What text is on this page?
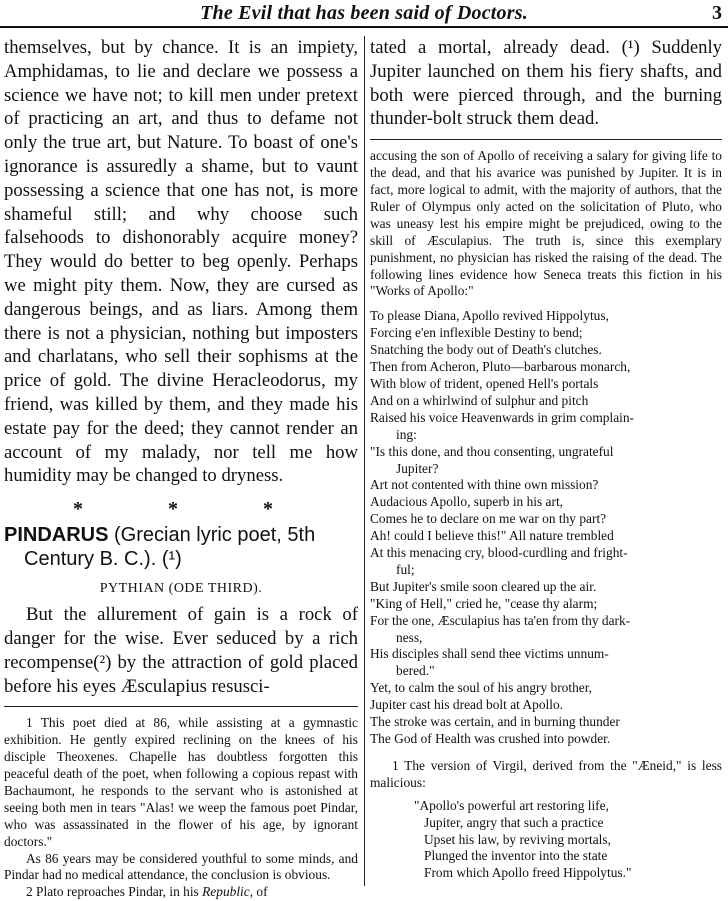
The Evil that has been said of Doctors.	3

themselves, but by chance. It is an impiety, Amphidamas, to lie and declare we possess a science we have not; to kill men under pretext of practicing an art, and thus to defame not only the true art, but Nature. To boast of one's ignorance is assuredly a shame, but to vaunt possessing a science that one has not, is more shameful still; and why choose such falsehoods to dishonorably acquire money? They would do better to beg openly. Perhaps we might pity them. Now, they are cursed as dangerous beings, and as liars. Among them there is not a physician, nothing but imposters and charlatans, who sell their sophisms at the price of gold. The divine Heracleodorus, my friend, was killed by them, and they made his estate pay for the deed; they cannot render an account of my malady, nor tell me how humidity may be changed to dryness.

* * *
PINDARUS (Grecian lyric poet, 5th
Century B. C.). (¹)
PYTHIAN (ODE THIRD).

But the allurement of gain is a rock of danger for the wise. Ever seduced by a rich recompense(²) by the attraction of gold placed before his eyes Æsculapius resusci-

1 This poet died at 86, while assisting at a gymnastic exhibition. He gently expired reclining on the knees of his disciple Theoxenes. Chapelle has doubtless forgotten this peaceful death of the poet, when following a copious repast with Bachaumont, he responds to the servant who is astonished at seeing both men in tears "Alas! we weep the famous poet Pindar, who was assassinated in the flower of his age, by ignorant doctors."

As 86 years may be considered youthful to some minds, and Pindar had no medical attendance, the conclusion is obvious.

2 Plato reproaches Pindar, in his Republic, of

tated a mortal, already dead. (¹) Suddenly Jupiter launched on them his fiery shafts, and both were pierced through, and the burning thunder-bolt struck them dead.

accusing the son of Apollo of receiving a salary for giving life to the dead, and that his avarice was punished by Jupiter. It is in fact, more logical to admit, with the majority of authors, that the Ruler of Olympus only acted on the solicitation of Pluto, who was uneasy lest his empire might be prejudiced, owing to the skill of Æsculapius. The truth is, since this exemplary punishment, no physician has risked the raising of the dead. The following lines evidence how Seneca treats this fiction in his "Works of Apollo:"

To please Diana, Apollo revived Hippolytus,
Forcing e'en inflexible Destiny to bend;
Snatching the body out of Death's clutches.
Then from Acheron, Pluto—barbarous monarch,
With blow of trident, opened Hell's portals
And on a whirlwind of sulphur and pitch
Raised his voice Heavenwards in grim complain-
ing:
"Is this done, and thou consenting, ungrateful
Jupiter?
Art not contented with thine own mission?
Audacious Apollo, superb in his art,
Comes he to declare on me war on thy part?
Ah! could I believe this!" All nature trembled
At this menacing cry, blood-curdling and fright-
ful;
But Jupiter's smile soon cleared up the air.
"King of Hell," cried he, "cease thy alarm;
For the one, Æsculapius has ta'en from thy dark-
ness,
His disciples shall send thee victims unnum-
bered."
Yet, to calm the soul of his angry brother,
Jupiter cast his dread bolt at Apollo.
The stroke was certain, and in burning thunder
The God of Health was crushed into powder.

1 The version of Virgil, derived from the "Æneid," is less malicious:

"Apollo's powerful art restoring life,
Jupiter, angry that such a practice
Upset his law, by reviving mortals,
Plunged the inventor into the state
From which Apollo freed Hippolytus."
